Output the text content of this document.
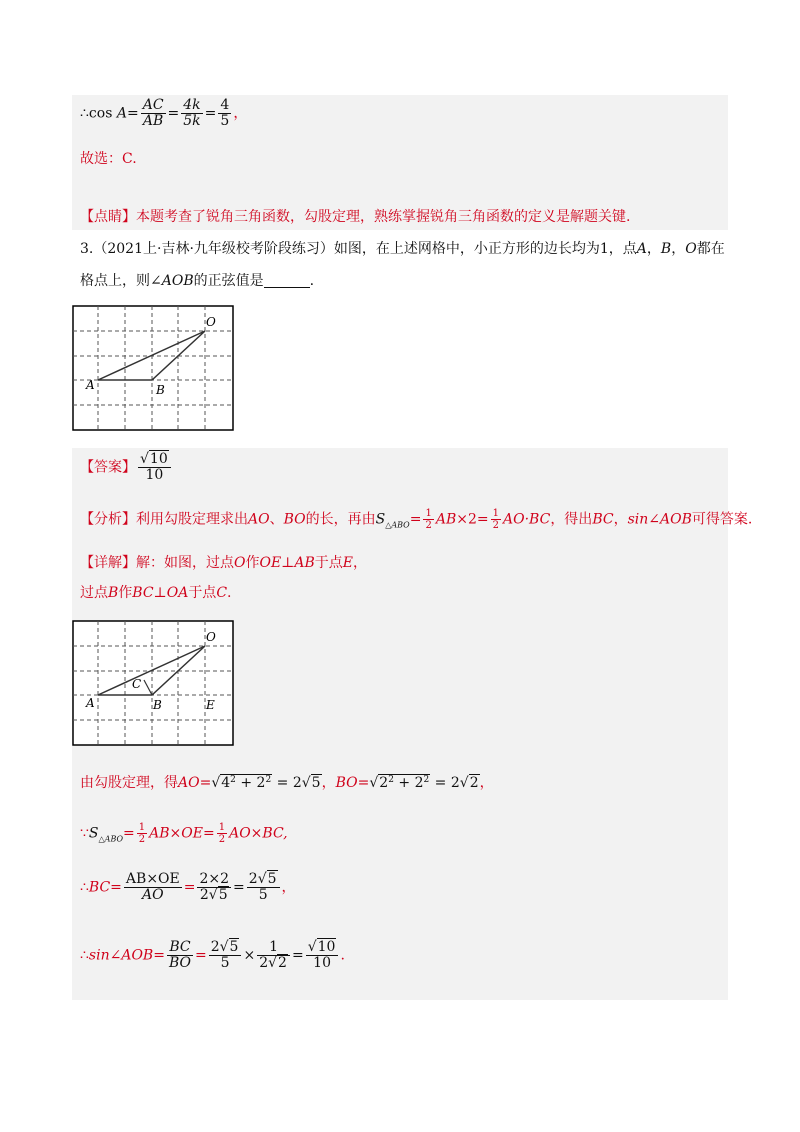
∴cos $A= \frac{AC}{AB} = \frac{4k}{5k} = \frac{4}{5}$ ，
故选：C.
【点睛】本题考查了锐角三角函数，勾股定理，熟练掌握锐角三角函数的定义是解题关键.
3.（2021上·吉林·九年级校考阶段练习）如图，在上述网格中，小正方形的边长均为1，点A，B，O都在
格点上，则∠AOB的正弦值是	.
O
A	B
【答案】 $\frac{√10}{10}$
【分析】利用勾股定理求出AO、BO的长，再由$S_{\triangle ABO}= \frac{1}{2} AB\times 2= \frac{1}{2} AO\cdot BC$，得出BC，sin∠AOB可得答案.
【详解】解：如图，过点O作OE⊥AB于点E，
过点B作BC⊥OA于点C.
O
C
A	B	E
由勾股定理，得$AO=√4^2 + 2^2 = 2√5$，$BO=√2^2 + 2^2 = 2√2$，
$\because S_{\triangle ABO}= \frac{1}{2} AB\times OE= \frac{1}{2} AO\times BC$,
∴BC= $\frac{AB\times OE}{AO} = \frac{2\times 2}{2√5} = \frac{2√5}{5}$ ，
∴sin∠AOB= $\frac{BC}{BO} = \frac{2√5}{5} \times \frac{1}{2√2} = \frac{√10}{10}$ .
